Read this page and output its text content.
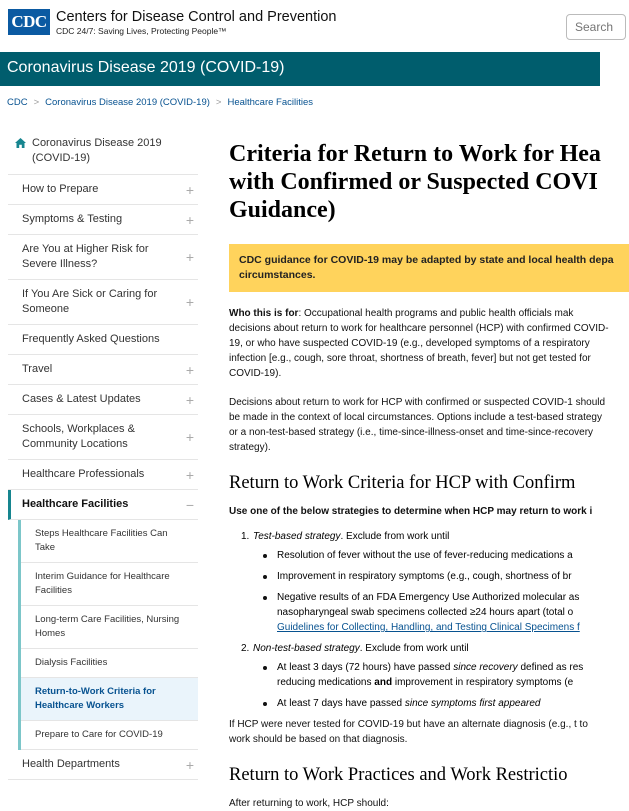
CDC Centers for Disease Control and Prevention
CDC 24/7: Saving Lives, Protecting People™
Search
Coronavirus Disease 2019 (COVID-19)
CDC > Coronavirus Disease 2019 (COVID-19) > Healthcare Facilities
Coronavirus Disease 2019 (COVID-19)
How to Prepare	+
Symptoms & Testing	+
Are You at Higher Risk for Severe Illness?	+
If You Are Sick or Caring for Someone	+
Frequently Asked Questions
Travel	+
Cases & Latest Updates	+
Schools, Workplaces & Community Locations	+
Healthcare Professionals	+
Healthcare Facilities	−
Steps Healthcare Facilities Can Take
Interim Guidance for Healthcare Facilities
Long-term Care Facilities, Nursing Homes
Dialysis Facilities
Return-to-Work Criteria for Healthcare Workers
Prepare to Care for COVID-19
Health Departments	+
Criteria for Return to Work for Hea
with Confirmed or Suspected COVI
Guidance)
CDC guidance for COVID-19 may be adapted by state and local health depa circumstances.

Who this is for: Occupational health programs and public health officials mak decisions about return to work for healthcare personnel (HCP) with confirmed COVID-19, or who have suspected COVID-19 (e.g., developed symptoms of a respiratory infection [e.g., cough, sore throat, shortness of breath, fever] but not get tested for COVID-19).

Decisions about return to work for HCP with confirmed or suspected COVID-1 should be made in the context of local circumstances. Options include a test-based strategy or a non-test-based strategy (i.e., time-since-illness-onset and time-since-recovery strategy).

Return to Work Criteria for HCP with Confirm

Use one of the below strategies to determine when HCP may return to work i

1. Test-based strategy. Exclude from work until
Resolution of fever without the use of fever-reducing medications a
Improvement in respiratory symptoms (e.g., cough, shortness of br
Negative results of an FDA Emergency Use Authorized molecular as nasopharyngeal swab specimens collected ≥24 hours apart (total o Guidelines for Collecting, Handling, and Testing Clinical Specimens f
2. Non-test-based strategy. Exclude from work until
At least 3 days (72 hours) have passed since recovery defined as res reducing medications and improvement in respiratory symptoms (e
At least 7 days have passed since symptoms first appeared

If HCP were never tested for COVID-19 but have an alternate diagnosis (e.g., t to work should be based on that diagnosis.

Return to Work Practices and Work Restrictio

After returning to work, HCP should:
